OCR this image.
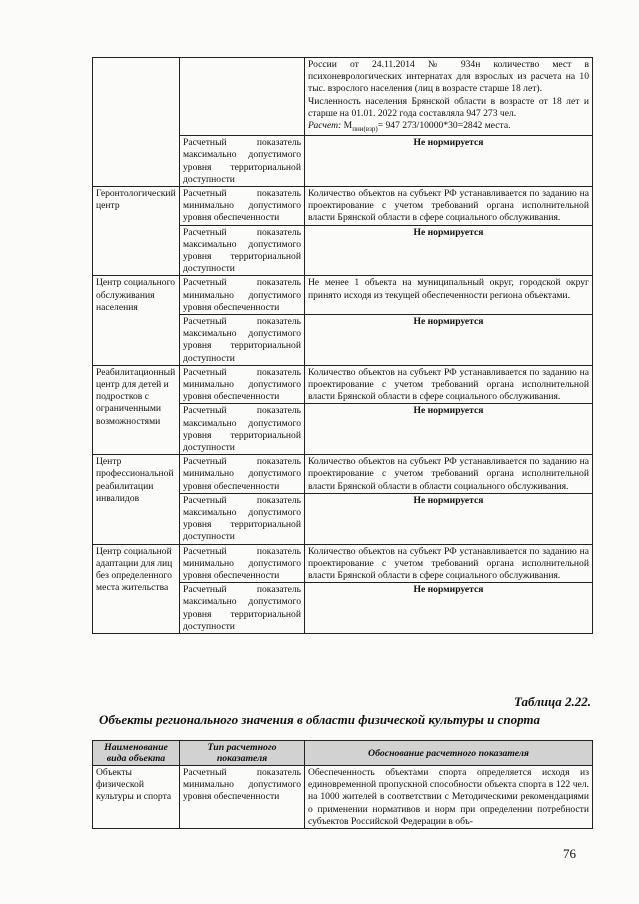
		России от 24.11.2014 № 934н количество мест в психоневрологических интернатах для взрослых из расчета на 10 тыс. взрослого населения (лиц в возрасте старше 18 лет).
Численность населения Брянской области в возрасте от 18 лет и старше на 01.01. 2022 года составляла 947 273 чел.
Расчет: $М_{пни(взр)}= 947$ 273/10000*30=2842 места.

	Расчетный показатель максимально допустимого уровня территориальной доступности	Не нормируется
Геронтологический центр	Расчетный показатель минимально допустимого уровня обеспеченности	Количество объектов на субъект РФ устанавливается по заданию на проектирование с учетом требований органа исполнительной власти Брянской области в сфере социального обслуживания.
	Расчетный показатель максимально допустимого уровня территориальной доступности	Не нормируется
Центр социального обслуживания населения	Расчетный показатель минимально допустимого уровня обеспеченности	Не менее 1 объекта на муниципальный округ, городской округ принято исходя из текущей обеспеченности региона объектами.
	Расчетный показатель максимально допустимого уровня территориальной доступности	Не нормируется
Реабилитационный центр для детей и подростков с ограниченными возможностями	Расчетный показатель минимально допустимого уровня обеспеченности	Количество объектов на субъект РФ устанавливается по заданию на проектирование с учетом требований органа исполнительной власти Брянской области в сфере социального обслуживания.
	Расчетный показатель максимально допустимого уровня территориальной доступности	Не нормируется
Центр профессиональной реабилитации инвалидов	Расчетный показатель минимально допустимого уровня обеспеченности	Количество объектов на субъект РФ устанавливается по заданию на проектирование с учетом требований органа исполнительной власти Брянской области в области социального обслуживания.
	Расчетный показатель максимально допустимого уровня территориальной доступности	Не нормируется
Центр социальной адаптации для лиц без определенного места жительства	Расчетный показатель минимально допустимого уровня обеспеченности	Количество объектов на субъект РФ устанавливается по заданию на проектирование с учетом требований органа исполнительной власти Брянской области в сфере социального обслуживания.
	Расчетный показатель максимально допустимого уровня территориальной доступности	Не нормируется
Таблица 2.22.
Объекты регионального значения в области физической культуры и спорта
Наименование вида объекта	Тип расчетного показателя	Обоснование расчетного показателя
Объекты физической культуры и спорта	Расчетный показатель минимально допустимого уровня обеспеченности	Обеспеченность объектами спорта определяется исходя из единовременной пропускной способности объекта спорта в 122 чел. на 1000 жителей в соответствии с Методическими рекомендациями о применении нормативов и норм при определении потребности субъектов Российской Федерации в объ-
76
